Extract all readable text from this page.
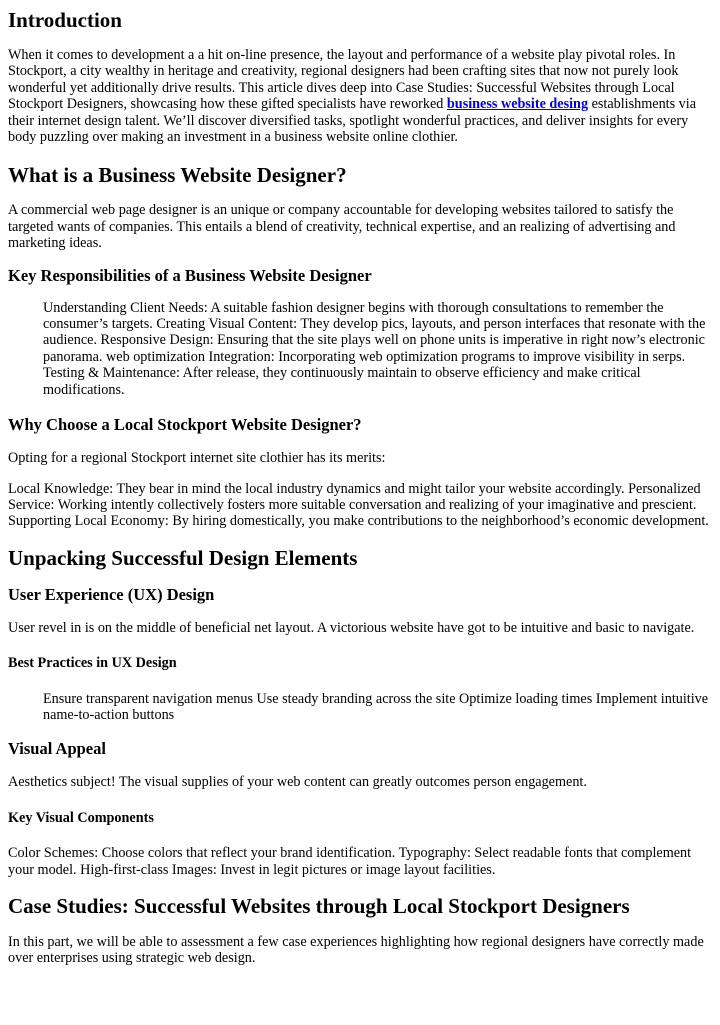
Introduction

When it comes to development a a hit on-line presence, the layout and performance of a website play pivotal roles. In Stockport, a city wealthy in heritage and creativity, regional designers had been crafting sites that now not purely look wonderful yet additionally drive results. This article dives deep into Case Studies: Successful Websites through Local Stockport Designers, showcasing how these gifted specialists have reworked business website desing establishments via their internet design talent. We’ll discover diversified tasks, spotlight wonderful practices, and deliver insights for every body puzzling over making an investment in a business website online clothier.

What is a Business Website Designer?

A commercial web page designer is an unique or company accountable for developing websites tailored to satisfy the targeted wants of companies. This entails a blend of creativity, technical expertise, and an realizing of advertising and marketing ideas.

Key Responsibilities of a Business Website Designer
Understanding Client Needs: A suitable fashion designer begins with thorough consultations to remember the consumer’s targets. Creating Visual Content: They develop pics, layouts, and person interfaces that resonate with the audience. Responsive Design: Ensuring that the site plays well on phone units is imperative in right now’s electronic panorama. web optimization Integration: Incorporating web optimization programs to improve visibility in serps. Testing & Maintenance: After release, they continuously maintain to observe efficiency and make critical modifications.
Why Choose a Local Stockport Website Designer?

Opting for a regional Stockport internet site clothier has its merits:

Local Knowledge: They bear in mind the local industry dynamics and might tailor your website accordingly. Personalized Service: Working intently collectively fosters more suitable conversation and realizing of your imaginative and prescient. Supporting Local Economy: By hiring domestically, you make contributions to the neighborhood’s economic development.

Unpacking Successful Design Elements
User Experience (UX) Design

User revel in is on the middle of beneficial net layout. A victorious website have got to be intuitive and basic to navigate.

Best Practices in UX Design
Ensure transparent navigation menus Use steady branding across the site Optimize loading times Implement intuitive name-to-action buttons
Visual Appeal

Aesthetics subject! The visual supplies of your web content can greatly outcomes person engagement.

Key Visual Components

Color Schemes: Choose colors that reflect your brand identification. Typography: Select readable fonts that complement your model. High-first-class Images: Invest in legit pictures or image layout facilities.

Case Studies: Successful Websites through Local Stockport Designers

In this part, we will be able to assessment a few case experiences highlighting how regional designers have correctly made over enterprises using strategic web design.
